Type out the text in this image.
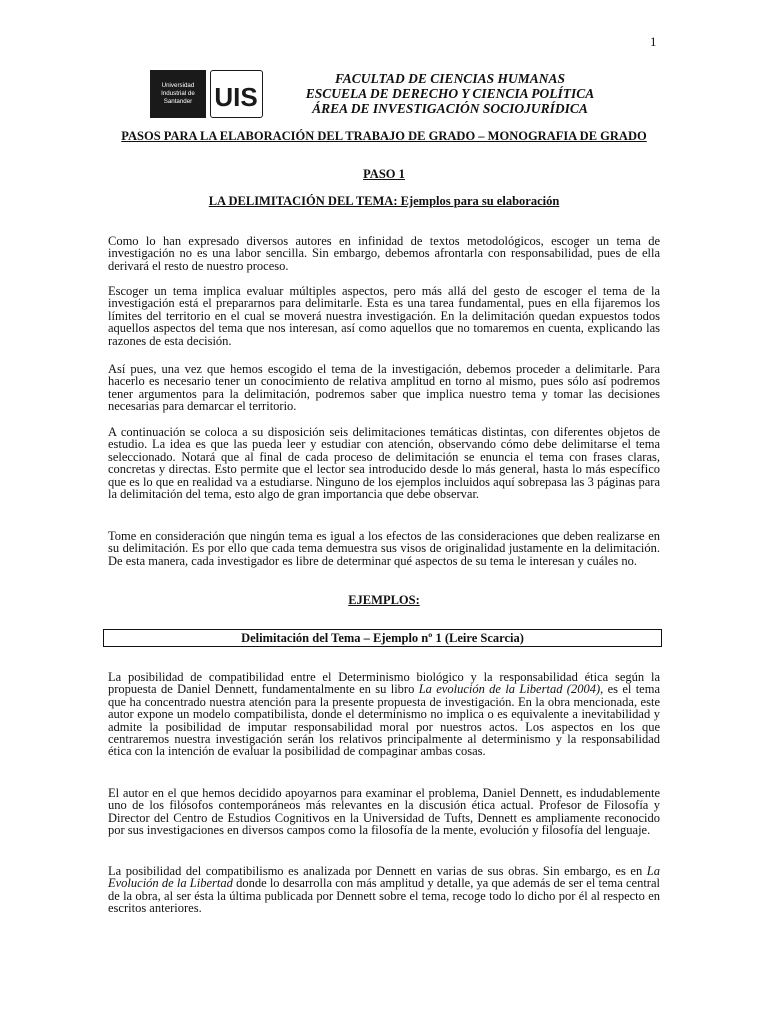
1
Universidad
Industrial de
Santander UIS
FACULTAD DE CIENCIAS HUMANAS
ESCUELA DE DERECHO Y CIENCIA POLÍTICA
ÁREA DE INVESTIGACIÓN SOCIOJURÍDICA
PASOS PARA LA ELABORACIÓN DEL TRABAJO DE GRADO – MONOGRAFIA DE GRADO
PASO 1
LA DELIMITACIÓN DEL TEMA: Ejemplos para su elaboración

Como lo han expresado diversos autores en infinidad de textos metodológicos, escoger un tema de investigación no es una labor sencilla. Sin embargo, debemos afrontarla con responsabilidad, pues de ella derivará el resto de nuestro proceso.

Escoger un tema implica evaluar múltiples aspectos, pero más allá del gesto de escoger el tema de la investigación está el prepararnos para delimitarle. Esta es una tarea fundamental, pues en ella fijaremos los límites del territorio en el cual se moverá nuestra investigación. En la delimitación quedan expuestos todos aquellos aspectos del tema que nos interesan, así como aquellos que no tomaremos en cuenta, explicando las razones de esta decisión.

Así pues, una vez que hemos escogido el tema de la investigación, debemos proceder a delimitarle. Para hacerlo es necesario tener un conocimiento de relativa amplitud en torno al mismo, pues sólo así podremos tener argumentos para la delimitación, podremos saber que implica nuestro tema y tomar las decisiones necesarias para demarcar el territorio.

A continuación se coloca a su disposición seis delimitaciones temáticas distintas, con diferentes objetos de estudio. La idea es que las pueda leer y estudiar con atención, observando cómo debe delimitarse el tema seleccionado. Notará que al final de cada proceso de delimitación se enuncia el tema con frases claras, concretas y directas. Esto permite que el lector sea introducido desde lo más general, hasta lo más específico que es lo que en realidad va a estudiarse. Ninguno de los ejemplos incluidos aquí sobrepasa las 3 páginas para la delimitación del tema, esto algo de gran importancia que debe observar.

Tome en consideración que ningún tema es igual a los efectos de las consideraciones que deben realizarse en su delimitación. Es por ello que cada tema demuestra sus visos de originalidad justamente en la delimitación. De esta manera, cada investigador es libre de determinar qué aspectos de su tema le interesan y cuáles no.

EJEMPLOS:
Delimitación del Tema – Ejemplo nº 1 (Leire Scarcia)

La posibilidad de compatibilidad entre el Determinismo biológico y la responsabilidad ética según la propuesta de Daniel Dennett, fundamentalmente en su libro La evolución de la Libertad (2004), es el tema que ha concentrado nuestra atención para la presente propuesta de investigación. En la obra mencionada, este autor expone un modelo compatibilista, donde el determinismo no implica o es equivalente a inevitabilidad y admite la posibilidad de imputar responsabilidad moral por nuestros actos. Los aspectos en los que centraremos nuestra investigación serán los relativos principalmente al determinismo y la responsabilidad ética con la intención de evaluar la posibilidad de compaginar ambas cosas.

El autor en el que hemos decidido apoyarnos para examinar el problema, Daniel Dennett, es indudablemente uno de los filósofos contemporáneos más relevantes en la discusión ética actual. Profesor de Filosofía y Director del Centro de Estudios Cognitivos en la Universidad de Tufts, Dennett es ampliamente reconocido por sus investigaciones en diversos campos como la filosofía de la mente, evolución y filosofía del lenguaje.

La posibilidad del compatibilismo es analizada por Dennett en varias de sus obras. Sin embargo, es en La Evolución de la Libertad donde lo desarrolla con más amplitud y detalle, ya que además de ser el tema central de la obra, al ser ésta la última publicada por Dennett sobre el tema, recoge todo lo dicho por él al respecto en escritos anteriores.
